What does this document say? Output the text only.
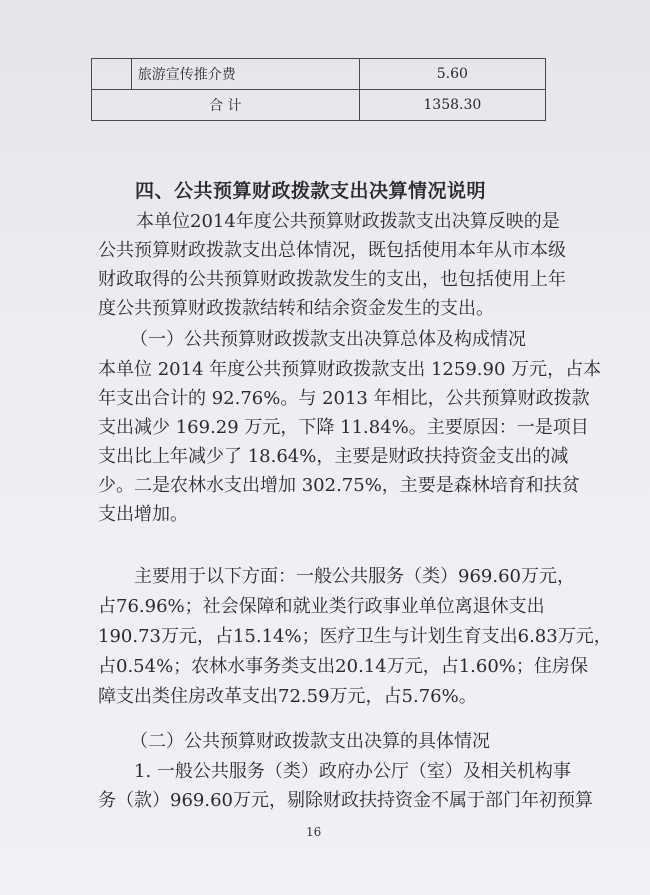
	旅游宣传推介费	5.60
合 计		1358.30
四、公共预算财政拨款支出决算情况说明
本单位2014年度公共预算财政拨款支出决算反映的是
公共预算财政拨款支出总体情况，既包括使用本年从市本级
财政取得的公共预算财政拨款发生的支出，也包括使用上年
度公共预算财政拨款结转和结余资金发生的支出。
（一）公共预算财政拨款支出决算总体及构成情况
本单位 2014 年度公共预算财政拨款支出 1259.90 万元，占本
年支出合计的 92.76%。与 2013 年相比，公共预算财政拨款
支出减少 169.29 万元，下降 11.84%。主要原因：一是项目
支出比上年减少了 18.64%，主要是财政扶持资金支出的减
少。二是农林水支出增加 302.75%，主要是森林培育和扶贫
支出增加。
主要用于以下方面：一般公共服务（类）969.60万元，
占76.96%；社会保障和就业类行政事业单位离退休支出
190.73万元，占15.14%；医疗卫生与计划生育支出6.83万元，
占0.54%；农林水事务类支出20.14万元，占1.60%；住房保
障支出类住房改革支出72.59万元，占5.76%。
（二）公共预算财政拨款支出决算的具体情况
1. 一般公共服务（类）政府办公厅（室）及相关机构事
务（款）969.60万元，剔除财政扶持资金不属于部门年初预算
16
